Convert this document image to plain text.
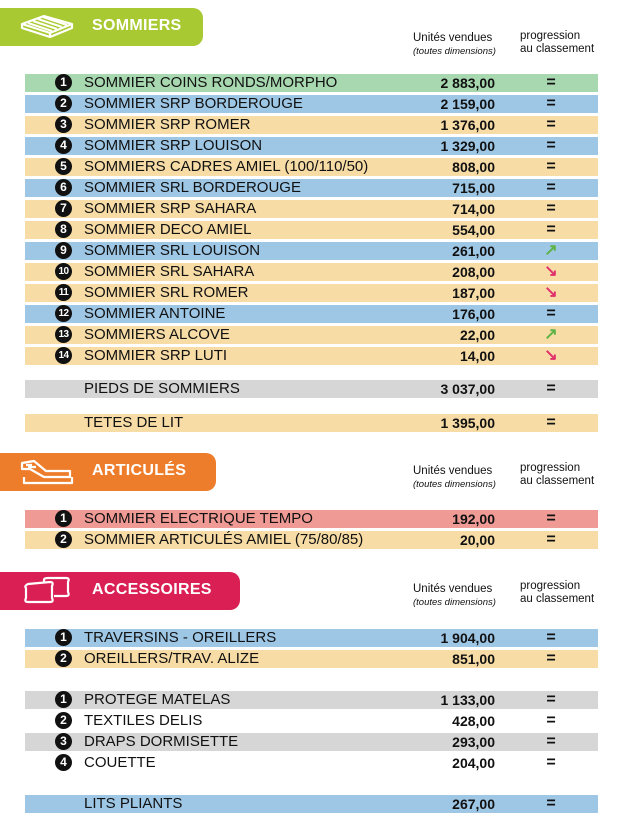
SOMMIERS
Unités vendues
(toutes dimensions)
progression
au classement
ARTICULÉS	Unités vendues
(toutes dimensions)
progression
au classement
ACCESSOIRES	Unités vendues
(toutes dimensions)
progression
au classement
1	SOMMIER COINS RONDS/MORPHO	2 883,00	=
2	SOMMIER SRP BORDEROUGE	2 159,00	=
3	SOMMIER SRP ROMER	1 376,00	=
4	SOMMIER SRP LOUISON	1 329,00	=
5	SOMMIERS CADRES AMIEL (100/110/50)	808,00	=
6	SOMMIER SRL BORDEROUGE	715,00	=
7	SOMMIER SRP SAHARA	714,00	=
8	SOMMIER DECO AMIEL	554,00	=
9	SOMMIER SRL LOUISON	261,00	↗
10 SOMMIER SRL SAHARA	208,00	↘
11 SOMMIER SRL ROMER	187,00	↘
12 SOMMIER ANTOINE	176,00	=
13 SOMMIERS ALCOVE	22,00	↗
14 SOMMIER SRP LUTI	14,00	↘
PIEDS DE SOMMIERS	3 037,00	=
TETES DE LIT	1 395,00	=
1	SOMMIER ELECTRIQUE TEMPO	192,00	=
2	SOMMIER ARTICULÉS AMIEL (75/80/85)	20,00	=
1	TRAVERSINS - OREILLERS	1 904,00	=
2	OREILLERS/TRAV. ALIZE	851,00	=
1	PROTEGE MATELAS	1 133,00	=
2	TEXTILES DELIS	428,00	=
3	DRAPS DORMISETTE	293,00	=
4	COUETTE	204,00	=
LITS PLIANTS	267,00	=
